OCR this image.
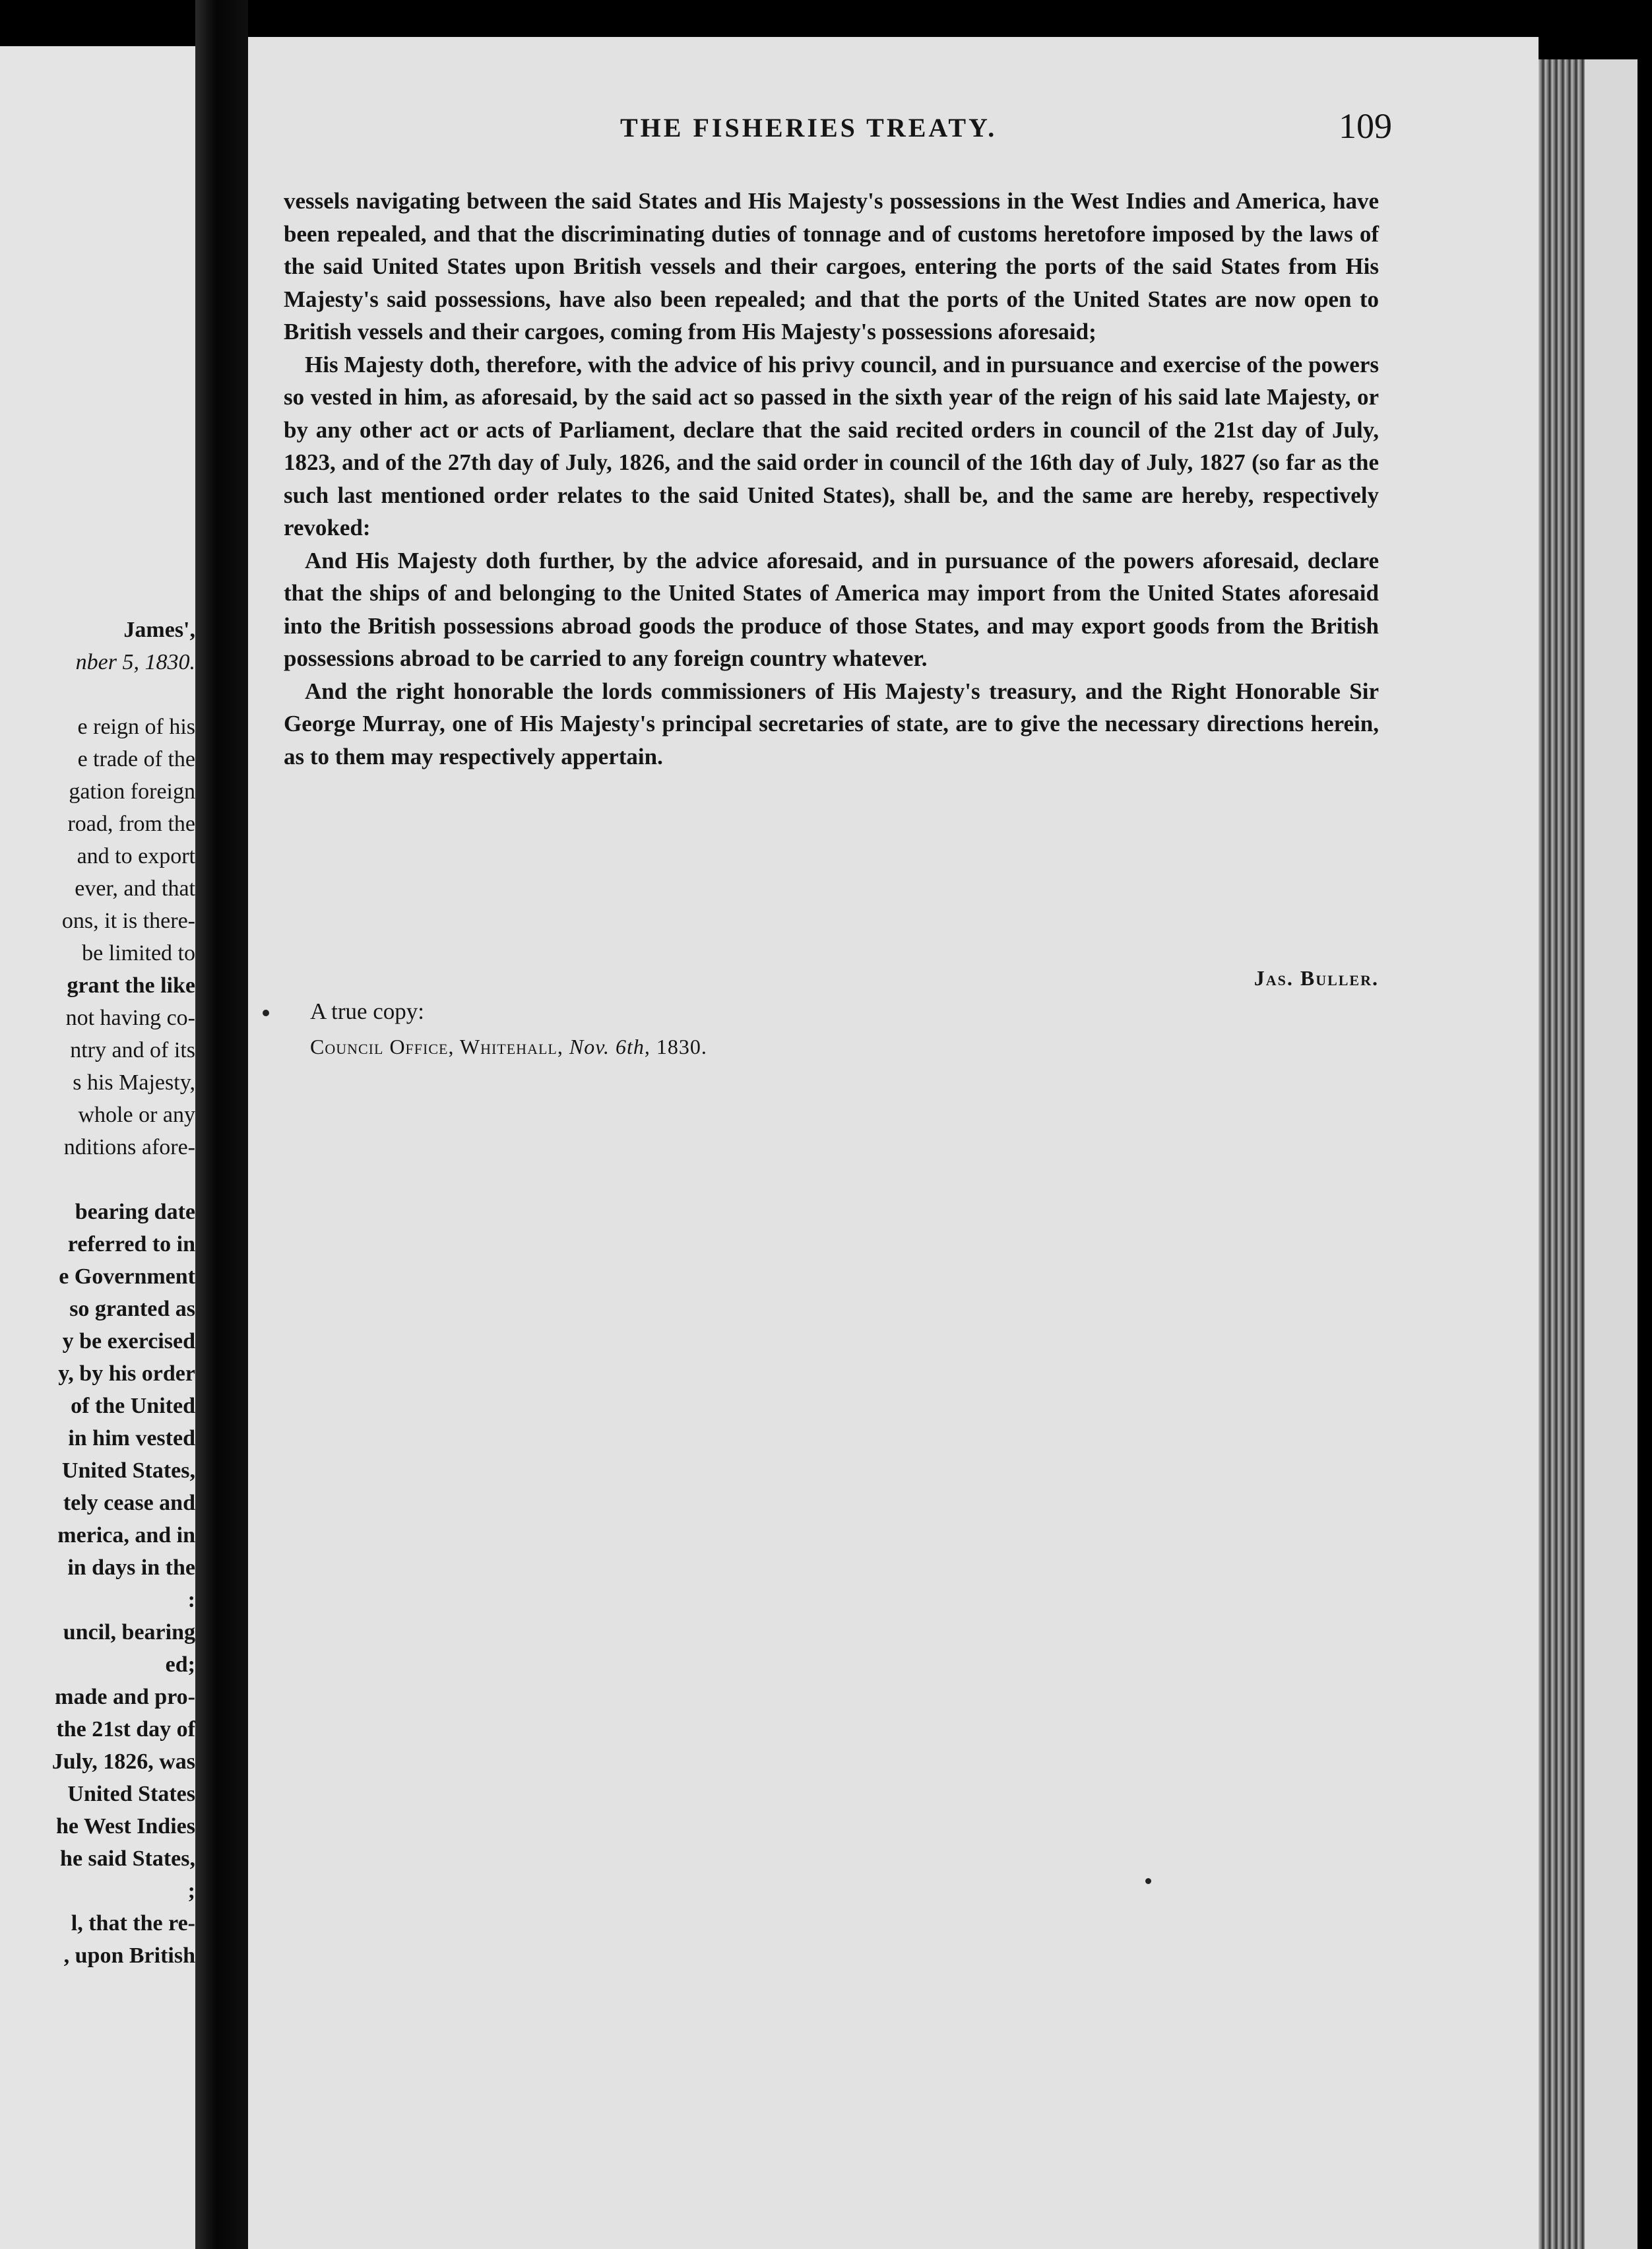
James',
nber 5, 1830.
e reign of his
e trade of the
gation foreign
road, from the
and to export
ever, and that
ons, it is there-
be limited to
grant the like
not having co-
ntry and of its
s his Majesty,
whole or any
nditions afore-
bearing date
referred to in
e Government
so granted as
y be exercised
y, by his order
of the United
in him vested
United States,
tely cease and
merica, and in
in days in the
:
uncil, bearing
ed;
made and pro-
the 21st day of
July, 1826, was
United States
he West Indies
he said States,
;
l, that the re-
, upon British
THE FISHERIES TREATY.	109

vessels navigating between the said States and His Majesty's possessions in the West Indies and America, have been repealed, and that the discriminating duties of tonnage and of customs heretofore imposed by the laws of the said United States upon British vessels and their cargoes, entering the ports of the said States from His Majesty's said possessions, have also been repealed; and that the ports of the United States are now open to British vessels and their cargoes, coming from His Majesty's possessions aforesaid;

His Majesty doth, therefore, with the advice of his privy council, and in pursuance and exercise of the powers so vested in him, as aforesaid, by the said act so passed in the sixth year of the reign of his said late Majesty, or by any other act or acts of Parliament, declare that the said recited orders in council of the 21st day of July, 1823, and of the 27th day of July, 1826, and the said order in council of the 16th day of July, 1827 (so far as the such last mentioned order relates to the said United States), shall be, and the same are hereby, respectively revoked:

And His Majesty doth further, by the advice aforesaid, and in pursuance of the powers aforesaid, declare that the ships of and belonging to the United States of America may import from the United States aforesaid into the British possessions abroad goods the produce of those States, and may export goods from the British possessions abroad to be carried to any foreign country whatever.

And the right honorable the lords commissioners of His Majesty's treasury, and the Right Honorable Sir George Murray, one of His Majesty's principal secretaries of state, are to give the necessary directions herein, as to them may respectively appertain.

Jas. Buller.
A true copy:
Council Office, Whitehall, Nov. 6th, 1830.
